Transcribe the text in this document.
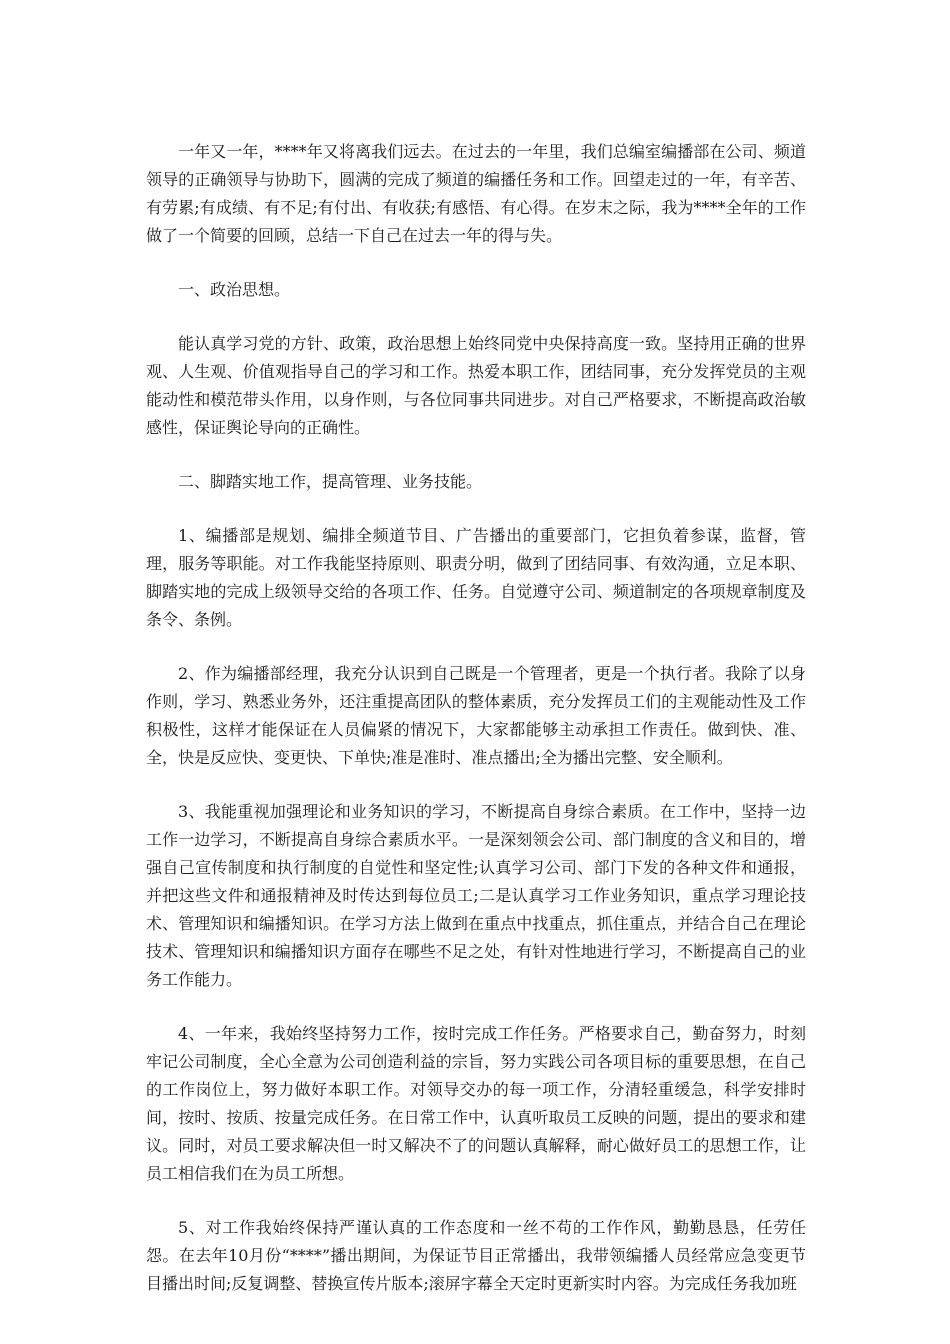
一年又一年，****年又将离我们远去。在过去的一年里，我们总编室编播部在公司、频道领导的正确领导与协助下，圆满的完成了频道的编播任务和工作。回望走过的一年，有辛苦、有劳累;有成绩、有不足;有付出、有收获;有感悟、有心得。在岁末之际，我为****全年的工作做了一个简要的回顾，总结一下自己在过去一年的得与失。

一、政治思想。

能认真学习党的方针、政策，政治思想上始终同党中央保持高度一致。坚持用正确的世界观、人生观、价值观指导自己的学习和工作。热爱本职工作，团结同事，充分发挥党员的主观能动性和模范带头作用，以身作则，与各位同事共同进步。对自己严格要求，不断提高政治敏感性，保证舆论导向的正确性。

二、脚踏实地工作，提高管理、业务技能。

1、编播部是规划、编排全频道节目、广告播出的重要部门，它担负着参谋，监督，管理，服务等职能。对工作我能坚持原则、职责分明，做到了团结同事、有效沟通，立足本职、脚踏实地的完成上级领导交给的各项工作、任务。自觉遵守公司、频道制定的各项规章制度及条令、条例。

2、作为编播部经理，我充分认识到自己既是一个管理者，更是一个执行者。我除了以身作则，学习、熟悉业务外，还注重提高团队的整体素质，充分发挥员工们的主观能动性及工作积极性，这样才能保证在人员偏紧的情况下，大家都能够主动承担工作责任。做到快、准、全，快是反应快、变更快、下单快;准是准时、准点播出;全为播出完整、安全顺利。

3、我能重视加强理论和业务知识的学习，不断提高自身综合素质。在工作中，坚持一边工作一边学习，不断提高自身综合素质水平。一是深刻领会公司、部门制度的含义和目的，增强自己宣传制度和执行制度的自觉性和坚定性;认真学习公司、部门下发的各种文件和通报，并把这些文件和通报精神及时传达到每位员工;二是认真学习工作业务知识，重点学习理论技术、管理知识和编播知识。在学习方法上做到在重点中找重点，抓住重点，并结合自己在理论技术、管理知识和编播知识方面存在哪些不足之处，有针对性地进行学习，不断提高自己的业务工作能力。

4、一年来，我始终坚持努力工作，按时完成工作任务。严格要求自己，勤奋努力，时刻牢记公司制度，全心全意为公司创造利益的宗旨，努力实践公司各项目标的重要思想，在自己的工作岗位上，努力做好本职工作。对领导交办的每一项工作，分清轻重缓急，科学安排时间，按时、按质、按量完成任务。在日常工作中，认真听取员工反映的问题，提出的要求和建议。同时，对员工要求解决但一时又解决不了的问题认真解释，耐心做好员工的思想工作，让员工相信我们在为员工所想。

5、对工作我始终保持严谨认真的工作态度和一丝不苟的工作作风，勤勤恳恳，任劳任怨。在去年10月份“****”播出期间，为保证节目正常播出，我带领编播人员经常应急变更节目播出时间;反复调整、替换宣传片版本;滚屏字幕全天定时更新实时内容。为完成任务我加班
